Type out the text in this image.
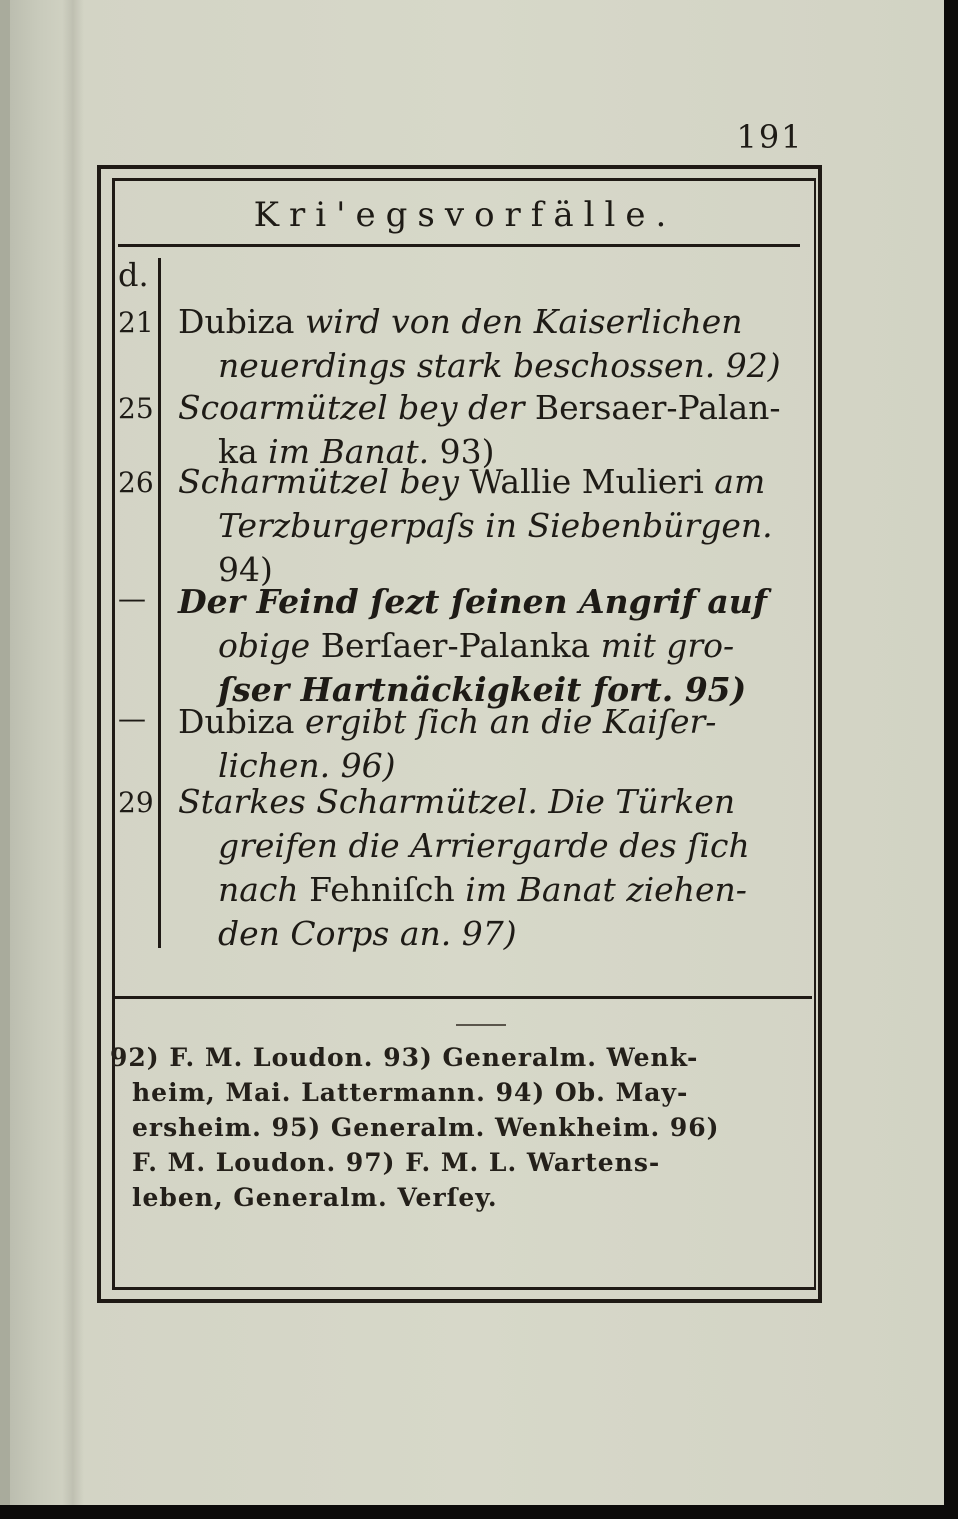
191
Kri'egsvorfälle.
d.
21 Dubiza wird von den Kaiserlichen
neuerdings stark beschossen. 92)
25 Scoarmützel bey der Bersaer-Palan-
ka im Banat. 93)
26 Scharmützel bey Wallie Mulieri am
Terzburgerpaſs in Siebenbürgen.
94)
— Der Feind ſezt ſeinen Angrif auf
obige Berſaer-Palanka mit gro-
ſser Hartnäckigkeit fort. 95)
— Dubiza ergibt ſich an die Kaiſer-
lichen. 96)
29 Starkes Scharmützel. Die Türken
greifen die Arriergarde des ſich
nach Fehniſch im Banat ziehen-
den Corps an. 97)
92) F. M. Loudon. 93) Generalm. Wenk-
heim, Mai. Lattermann. 94) Ob. May-
ersheim. 95) Generalm. Wenkheim. 96)
F. M. Loudon. 97) F. M. L. Wartens-
leben, Generalm. Verſey.
